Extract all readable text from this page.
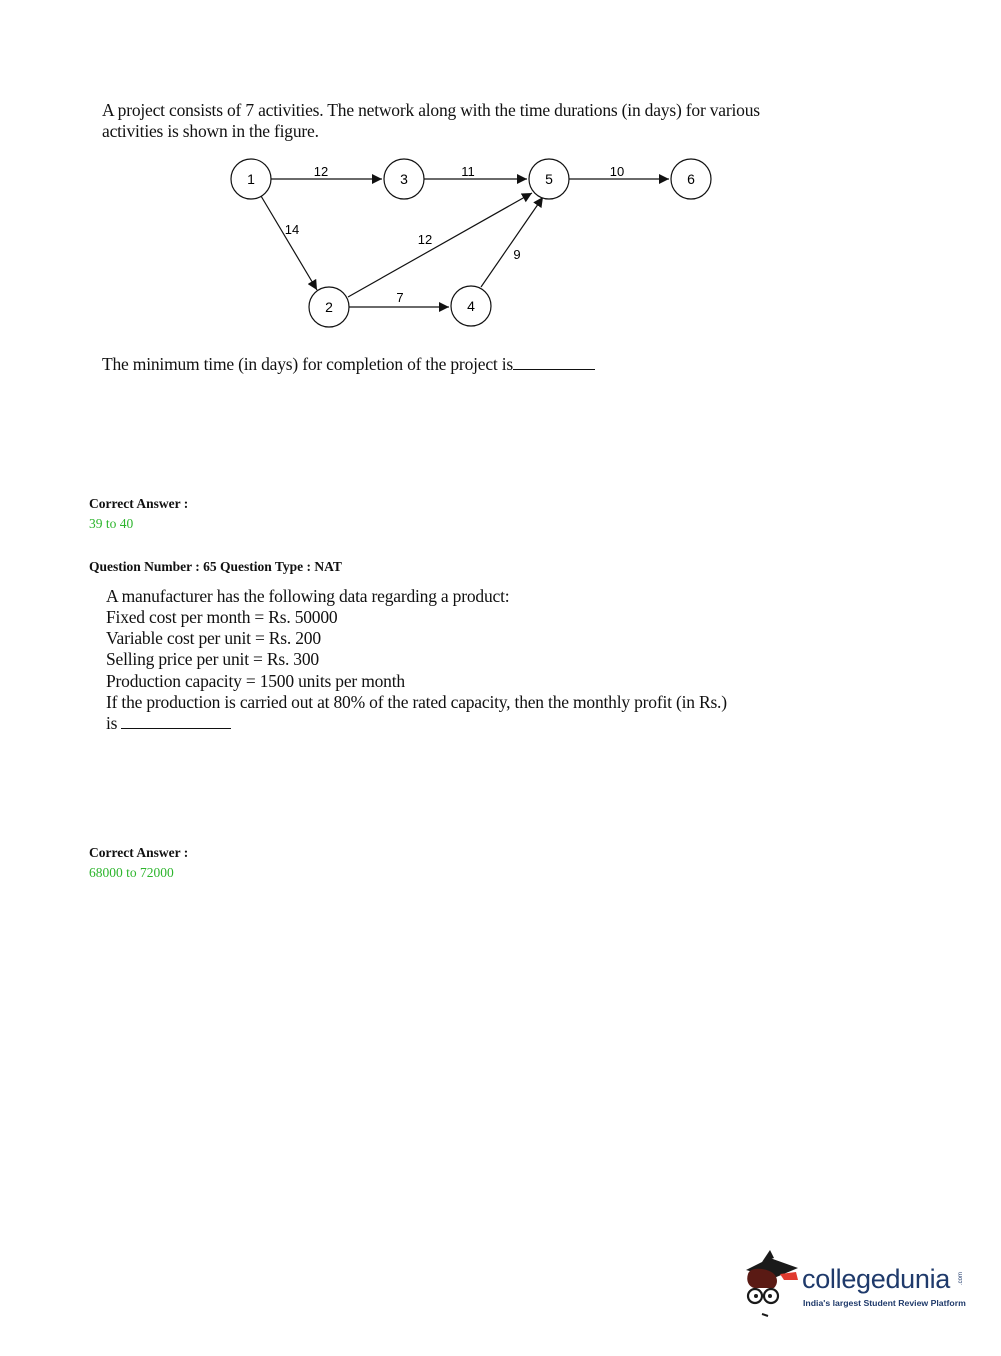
A project consists of 7 activities. The network along with the time durations (in days) for various
activities is shown in the figure.
12	11	10
14
12
9
7
1
2
3
4
5	6
The minimum time (in days) for completion of the project is
Correct Answer :
39 to 40
Question Number : 65 Question Type : NAT
A manufacturer has the following data regarding a product:
Fixed cost per month = Rs. 50000
Variable cost per unit = Rs. 200
Selling price per unit = Rs. 300
Production capacity = 1500 units per month
If the production is carried out at 80% of the rated capacity, then the monthly profit (in Rs.)
is
Correct Answer :
68000 to 72000
collegedunia .com
India's largest Student Review Platform
